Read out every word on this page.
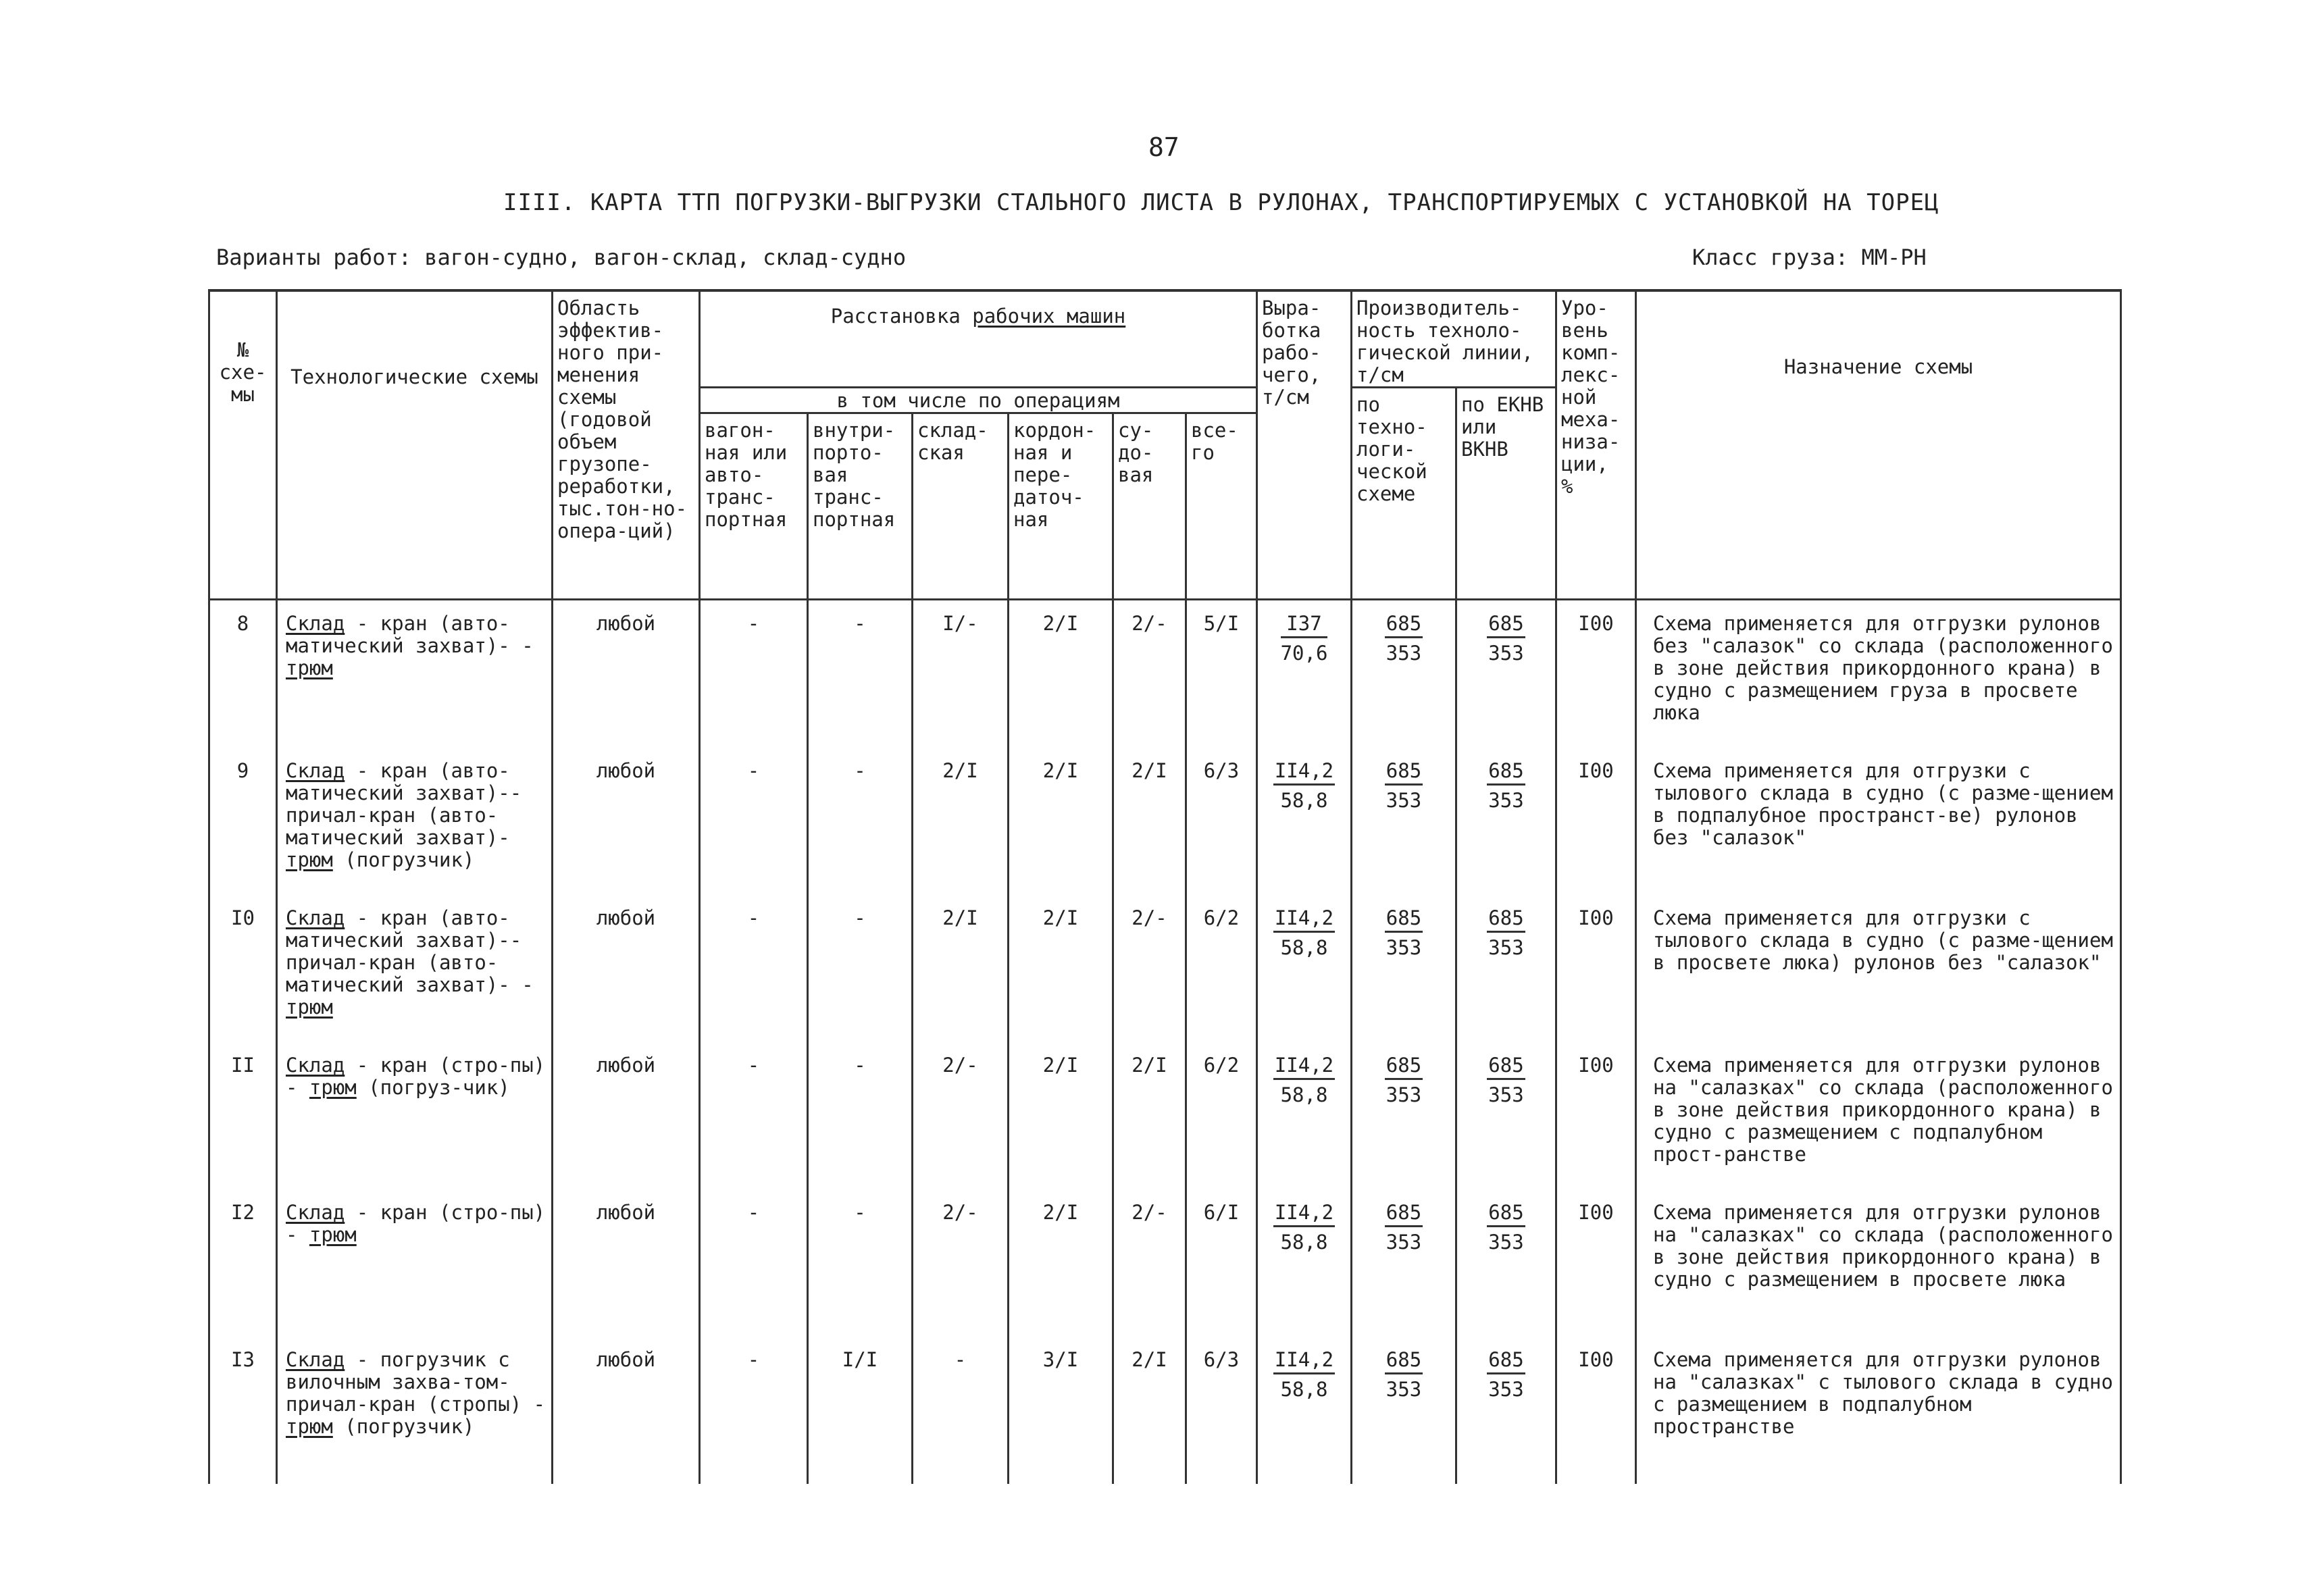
87
IIII. КАРТА ТТП ПОГРУЗКИ-ВЫГРУЗКИ СТАЛЬНОГО ЛИСТА В РУЛОНАХ, ТРАНСПОРТИРУЕМЫХ С УСТАНОВКОЙ НА ТОРЕЦ
Варианты работ: вагон-судно, вагон-склад, склад-судно	Класс груза: ММ-РН
№ схе-мы	Технологические схемы	Область эффектив-ного при-менения схемы (годовой объем грузопе-реработки, тыс.тон-но-опера-ций)	Расстановка рабочих машин						Выра-ботка рабо-чего, т/см	Производитель-ность техноло-гической линии, т/см		Уро-вень комп-лекс-ной меха-низа-ции, %	Назначение схемы
			в том числе по операциям							по техно-логи-ческой схеме	по ЕКНВ или ВКНВ		
			вагон-ная или авто-транс-портная	внутри-порто-вая транс-портная	склад-ская	кордон-ная и пере-даточ-ная	су-до-вая	все-го					
8	Склад - кран (авто-матический захват)- - трюм	любой	-	-	I/-	2/I	2/-	5/I	$\frac{I37}{70,6}$	$\frac{685}{353}$	$\frac{685}{353}$	I00	Схема применяется для отгрузки рулонов без "салазок" со склада (расположенного в зоне действия прикордонного крана) в судно с размещением груза в просвете люка
9	Склад - кран (авто-матический захват)--причал-кран (авто-матический захват)-трюм (погрузчик)	любой	-	-	2/I	2/I	2/I	6/3	$\frac{II4,2}{58,8}$	$\frac{685}{353}$	$\frac{685}{353}$	I00	Схема применяется для отгрузки с тылового склада в судно (с разме-щением в подпалубное пространст-ве) рулонов без "салазок"
I0	Склад - кран (авто-матический захват)--причал-кран (авто-матический захват)- - трюм	любой	-	-	2/I	2/I	2/-	6/2	$\frac{II4,2}{58,8}$	$\frac{685}{353}$	$\frac{685}{353}$	I00	Схема применяется для отгрузки с тылового склада в судно (с разме-щением в просвете люка) рулонов без "салазок"
II	Склад - кран (стро-пы) - трюм (погруз-чик)	любой	-	-	2/-	2/I	2/I	6/2	$\frac{II4,2}{58,8}$	$\frac{685}{353}$	$\frac{685}{353}$	I00	Схема применяется для отгрузки рулонов на "салазках" со склада (расположенного в зоне действия прикордонного крана) в судно с размещением с подпалубном прост-ранстве
I2	Склад - кран (стро-пы) - трюм	любой	-	-	2/-	2/I	2/-	6/I	$\frac{II4,2}{58,8}$	$\frac{685}{353}$	$\frac{685}{353}$	I00	Схема применяется для отгрузки рулонов на "салазках" со склада (расположенного в зоне действия прикордонного крана) в судно с размещением в просвете люка
I3	Склад - погрузчик с вилочным захва-том-причал-кран (стропы) - трюм (погрузчик)	любой	-	I/I	-	3/I	2/I	6/3	$\frac{II4,2}{58,8}$	$\frac{685}{353}$	$\frac{685}{353}$	I00	Схема применяется для отгрузки рулонов на "салазках" с тылового склада в судно с размещением в подпалубном пространстве
